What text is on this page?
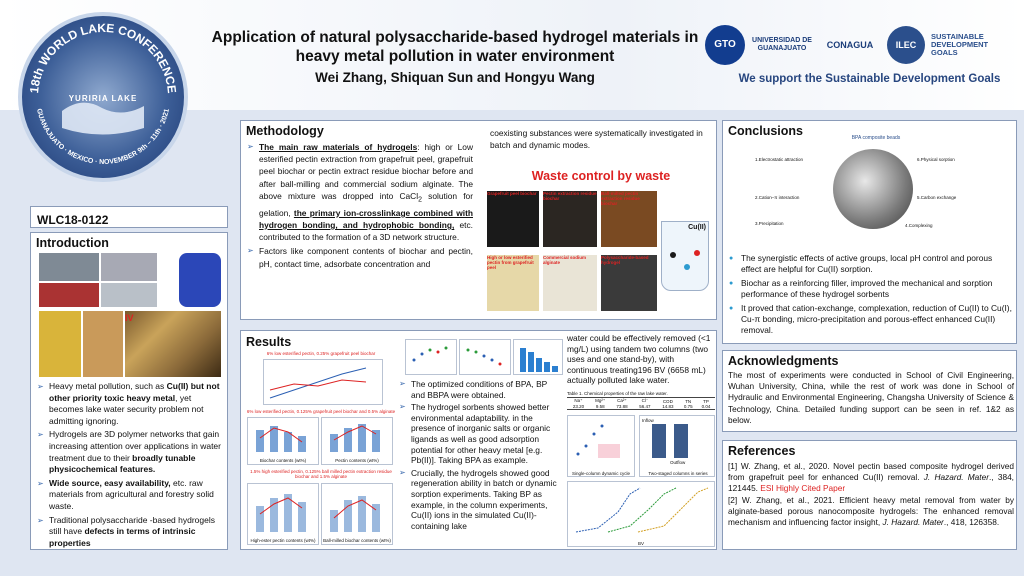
18th WORLD LAKE CONFERENCE
GUANAJUATO · MEXICO · NOVEMBER 9th – 11th · 2021
YURIRIA LAKE
Application of natural polysaccharide-based hydrogel materials in
heavy metal pollution in water environment
Wei Zhang, Shiquan Sun and Hongyu Wang
GTO	UNIVERSIDAD DE GUANAJUATO	CONAGUA	ILEC
SUSTAINABLE DEVELOPMENT GOALS
We support the Sustainable Development Goals
WLC18-0122
Introduction
IV
➢ Heavy metal pollution, such as Cu(II) but not other priority toxic heavy metal, yet becomes lake water security problem not admitting ignoring.
➢ Hydrogels are 3D polymer networks that gain increasing attention over applications in water treatment due to their broadly tunable physicochemical features.
➢ Wide source, easy availability, etc. raw materials from agricultural and forestry solid waste.
➢ Traditional polysaccharide -based hydrogels still have defects in terms of intrinsic properties
Methodology
➢ The main raw materials of hydrogels: high or Low esterified pectin extraction from grapefruit peel, grapefruit peel biochar or pectin extract residue biochar before and after ball-milling and commercial sodium alginate. The above mixture was dropped into CaCl$_2$ solution for gelation, the primary ion-crosslinkage combined with hydrogen bonding, and hydrophobic bonding, etc. contributed to the formation of a 3D network structure.
➢ Factors like component contents of biochar and pectin, pH, contact time, adsorbate concentration and
coexisting substances were systematically investigated in batch and dynamic modes.
Waste control by waste
Grapefruit peel biochar	Pectin extraction residue biochar
Ball-milled pectin extraction residue biochar
High or low esterified pectin from grapefruit peel
Commercial sodium alginate
Polysaccharide-based hydrogel
Cu(II)
Results
6% low esterified pectin, 0.25% grapefruit peel biochar
6% low esterified pectin, 0.125% grapefruit peel biochar and 0.5% alginate
Biochar contents (wt%)	Pectin contents (wt%)
1.5% high esterified pectin, 0.125% ball milled pectin extraction residue biochar and 1.5% alginate
High-ester pectin contents (wt%)	Ball-milled biochar contents (wt%)
➢ The optimized conditions of BPA, BP and BBPA were obtained.
➢ The hydrogel sorbents showed better environmental adaptability. in the presence of inorganic salts or organic ligands as well as good adsorption potential for other heavy metal [e.g. Pb(II)]. Taking BPA as example.
➢ Crucially, the hydrogels showed good regeneration ability in batch or dynamic sorption experiments. Taking BP as example, in the column experiments, Cu(II) ions in the simulated Cu(II)-containing lake
water could be effectively removed (<1 mg/L) using tandem two columns (two uses and one stand-by), with continuous treating196 BV (6658 mL) actually polluted lake water.
Table 1. Chemical properties of the raw lake water.
Na⁺	Mg²⁺	Ca²⁺	Cl⁻	COD	TN	TP
23.20	9.58	73.88	56.47	14.83	0.75	0.04
Single-column dynamic cycle
Inflow
Outflow
Two-staged columns in series
BV
Conclusions	BPA composite beads
1.Electrostatic attraction
2.Cation–π interaction
3.Precipitation	4.Complexing
5.Carbon exchange
6.Physical sorption
● The synergistic effects of active groups, local pH control and porous effect are helpful for Cu(II) sorption.
● Biochar as a reinforcing filler, improved the mechanical and sorption performance of these hydrogel sorbents
● It proved that cation-exchange, complexation, reduction of Cu(II) to Cu(I), Cu-π bonding, micro-precipitation and porous-effect enhanced Cu(II) removal.
Acknowledgments
The most of experiments were conducted in School of Civil Engineering, Wuhan University, China, while the rest of work was done in School of Hydraulic and Environmental Engineering, Changsha University of Science & Technology, China. Detailed funding support can be seen in ref. 1&2 as below.
References
[1] W. Zhang, et al., 2020. Novel pectin based composite hydrogel derived from grapefruit peel for enhanced Cu(II) removal. J. Hazard. Mater., 384, 121445. ESI Highly Cited Paper
[2] W. Zhang, et al., 2021. Efficient heavy metal removal from water by alginate-based porous nanocomposite hydrogels: The enhanced removal mechanism and influencing factor insight, J. Hazard. Mater., 418, 126358.
